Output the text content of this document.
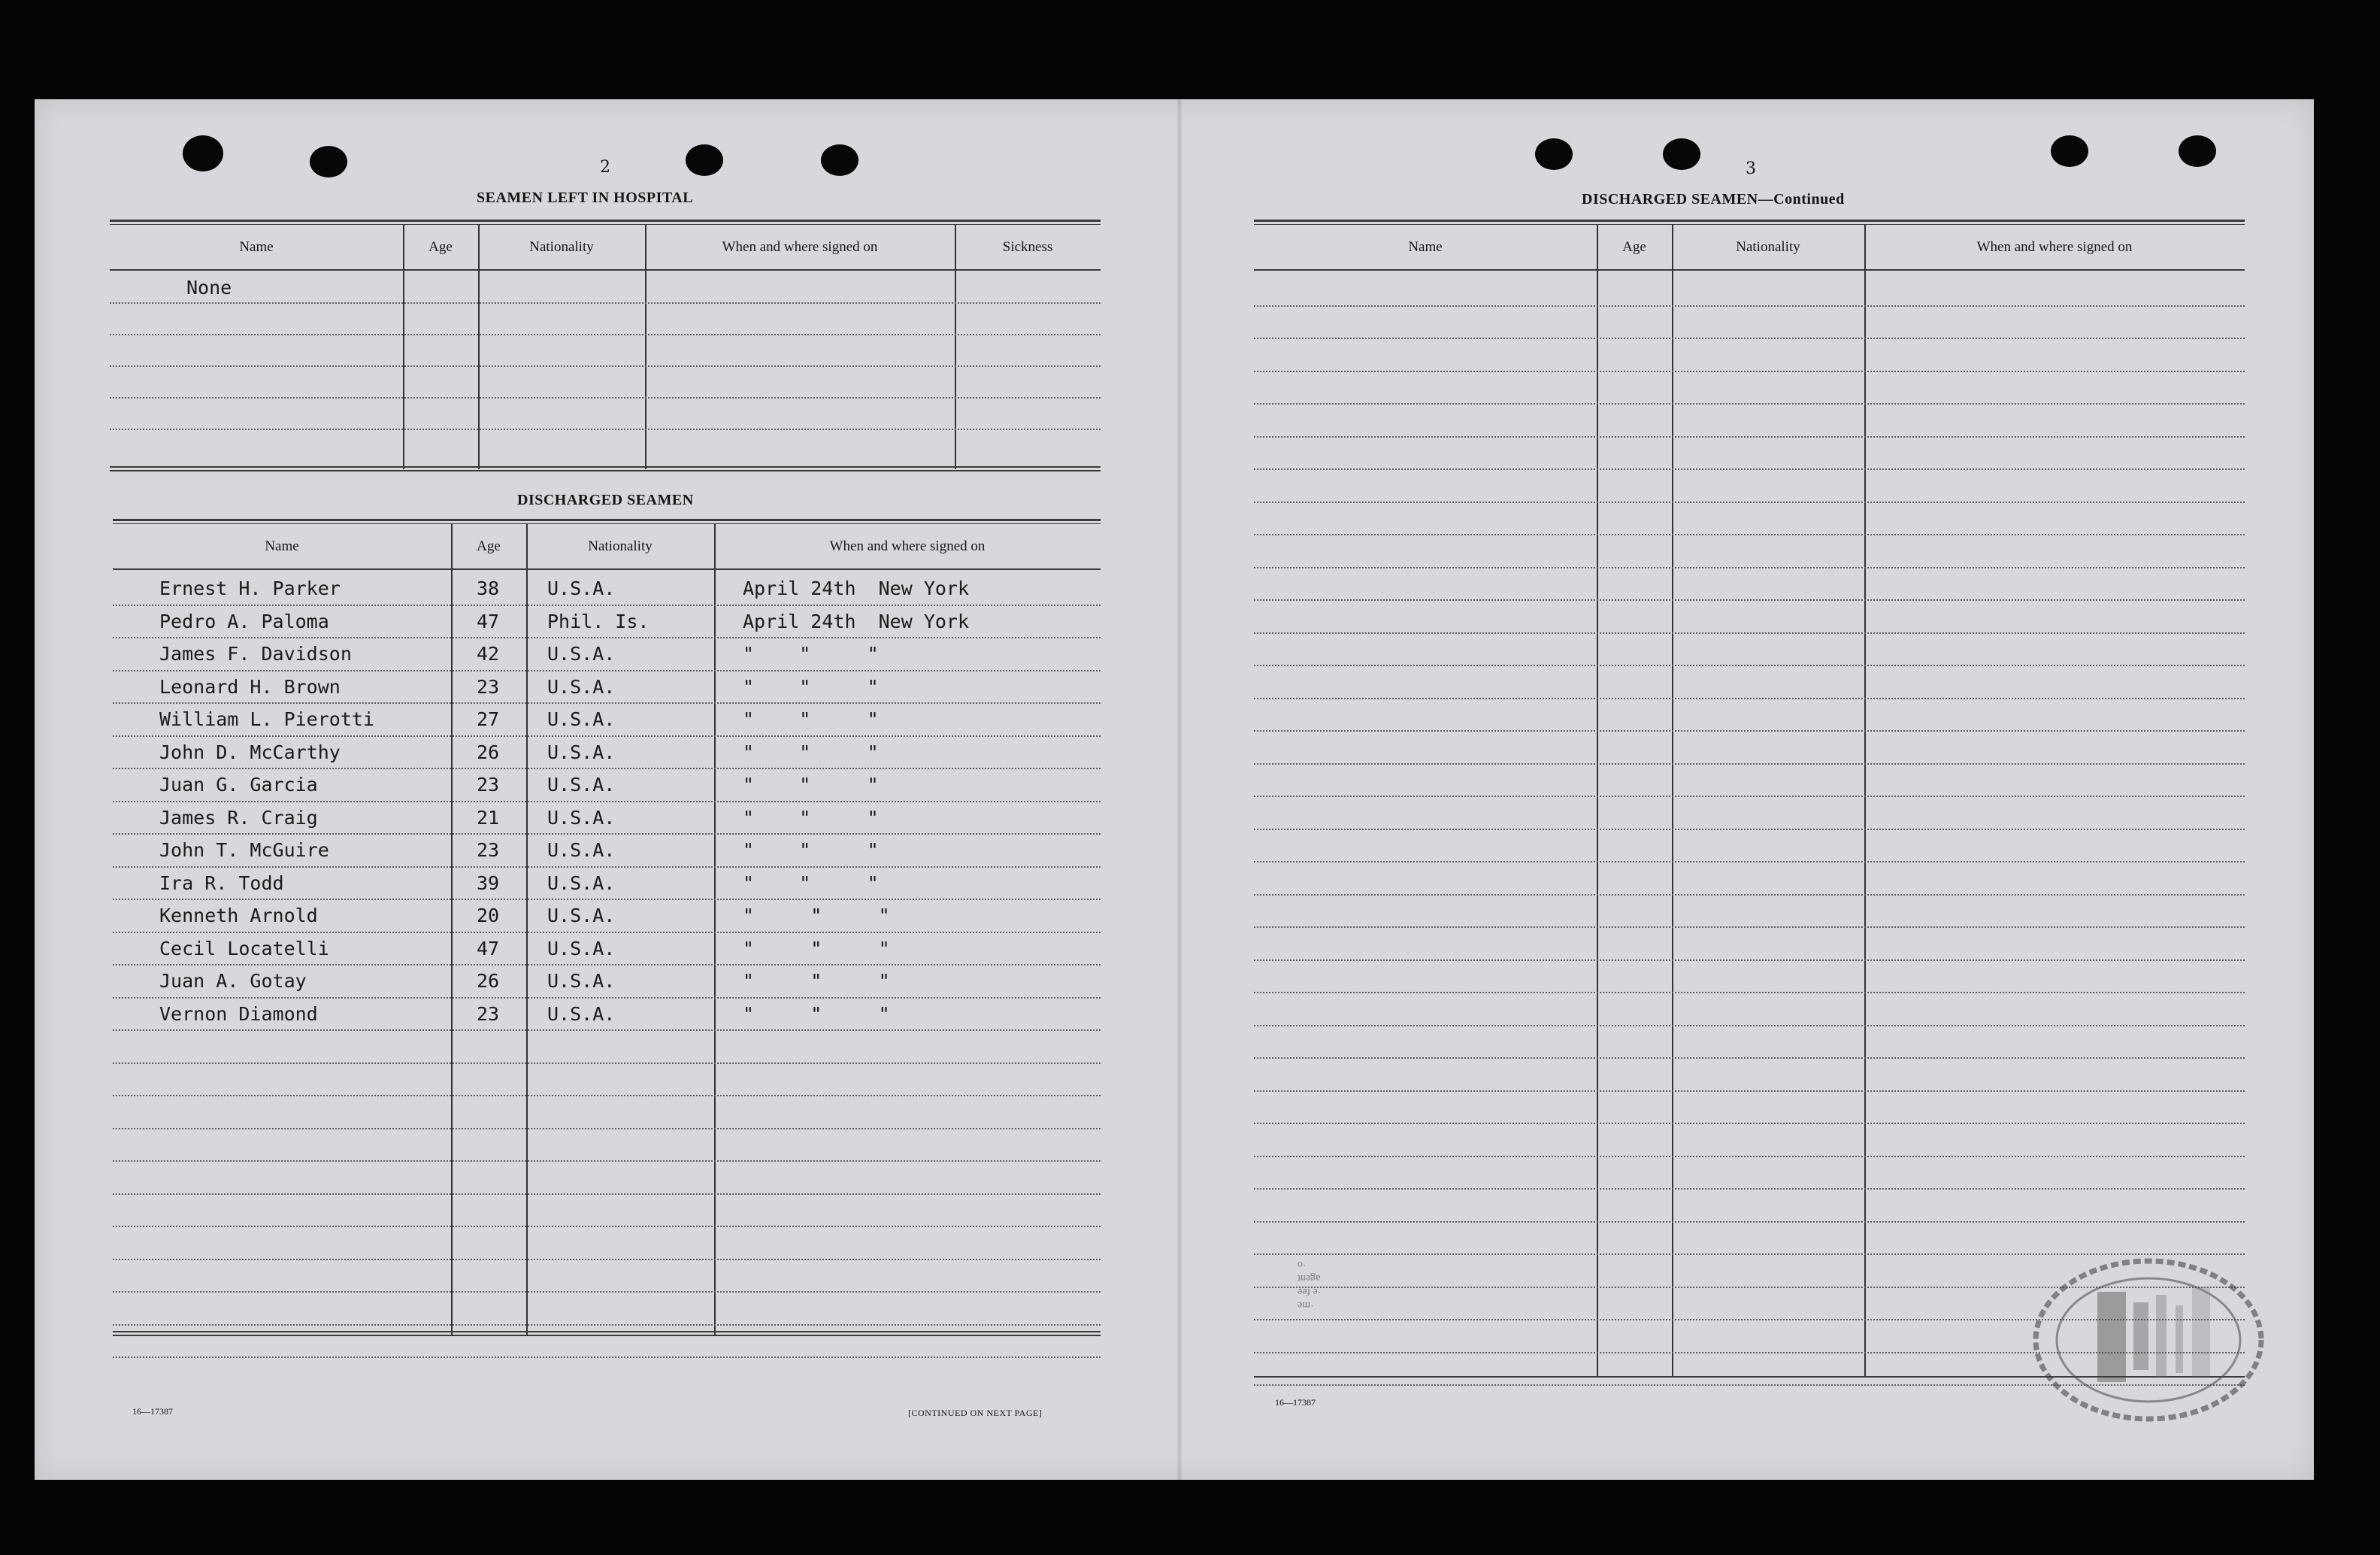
2
SEAMEN LEFT IN HOSPITAL
Name	Age	Nationality	When and where signed on	Sickness
None
DISCHARGED SEAMEN
Name	Age	Nationality	When and where signed on
Ernest H. Parker	38	U.S.A.	April 24th  New York
Pedro A. Paloma	47	Phil. Is.	April 24th  New York
James F. Davidson	42	U.S.A.	"    "     "
Leonard H. Brown	23	U.S.A.	"    "     "
William L. Pierotti	27	U.S.A.	"    "     "
John D. McCarthy	26	U.S.A.	"    "     "
Juan G. Garcia	23	U.S.A.	"    "     "
James R. Craig	21	U.S.A.	"    "     "
John T. McGuire	23	U.S.A.	"    "     "
Ira R. Todd	39	U.S.A.	"    "     "
Kenneth Arnold	20	U.S.A.	"     "     "
Cecil Locatelli	47	U.S.A.	"     "     "
Juan A. Gotay	26	U.S.A.	"     "     "
Vernon Diamond	23	U.S.A.	"     "     "
16—17387	[CONTINUED ON NEXT PAGE]
3
DISCHARGED SEAMEN—Continued
Name	Age	Nationality	When and where signed on
16—17387
·me
·e fee
agent
·o
